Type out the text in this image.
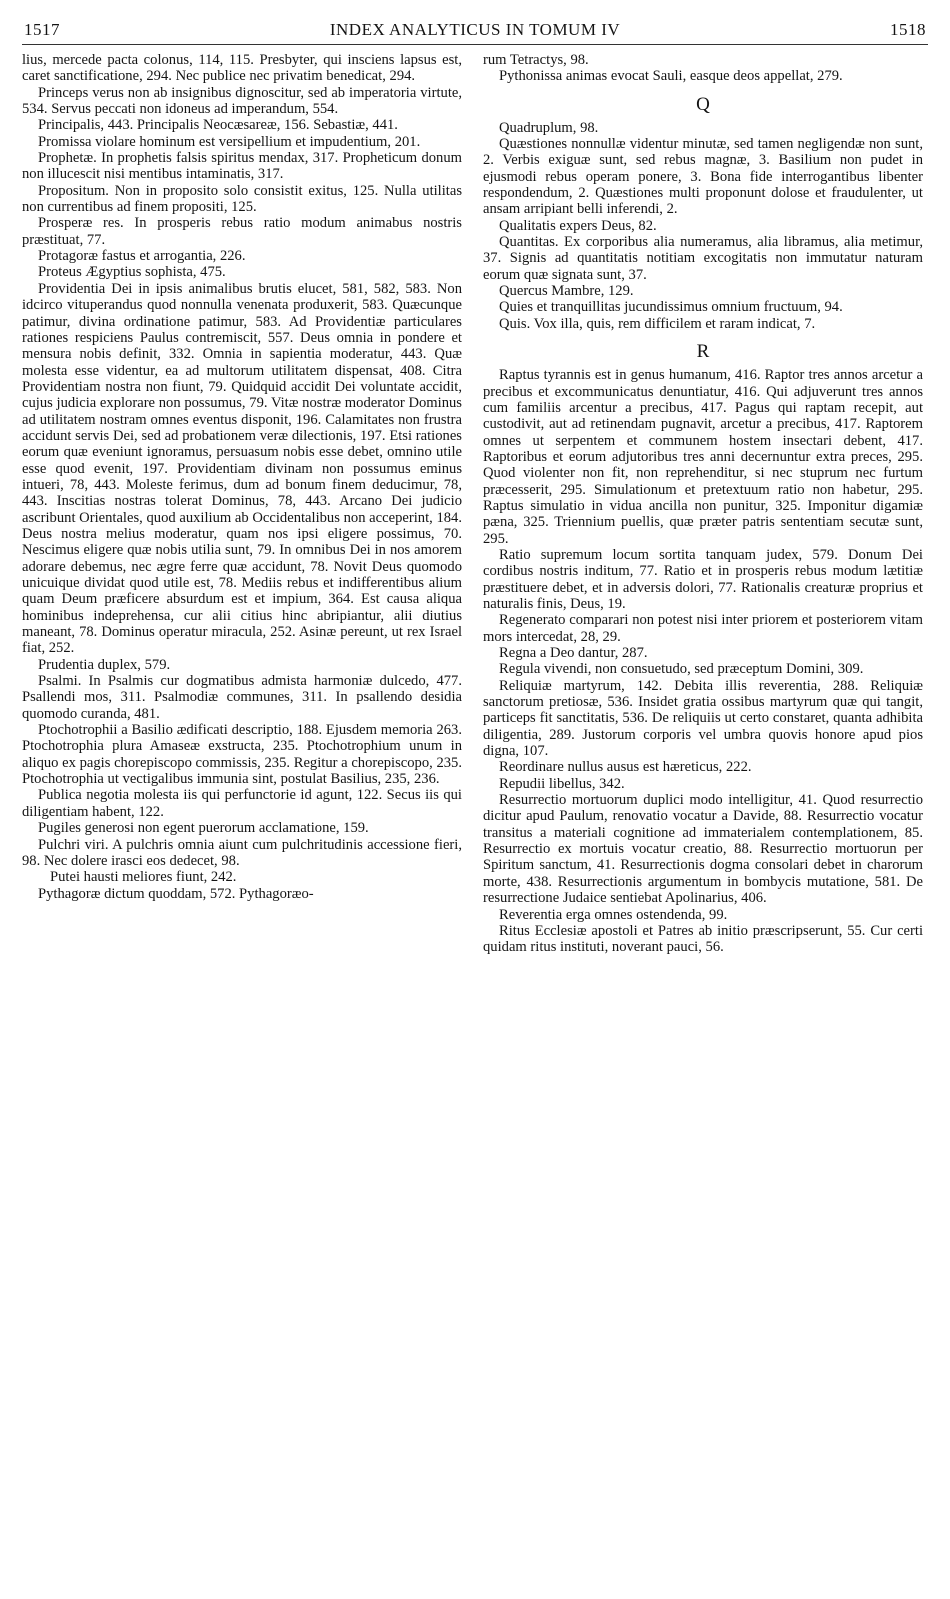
1517	INDEX ANALYTICUS IN TOMUM IV	1518

lius, mercede pacta colonus, 114, 115. Presbyter, qui insciens lapsus est, caret sanctificatione, 294. Nec publice nec privatim benedicat, 294.

Princeps verus non ab insignibus dignoscitur, sed ab imperatoria virtute, 534. Servus peccati non idoneus ad imperandum, 554.

Principalis, 443. Principalis Neocæsareæ, 156. Sebastiæ, 441.

Promissa violare hominum est versipellium et impudentium, 201.

Prophetæ. In prophetis falsis spiritus mendax, 317. Propheticum donum non illucescit nisi mentibus intaminatis, 317.

Propositum. Non in proposito solo consistit exitus, 125. Nulla utilitas non currentibus ad finem propositi, 125.

Prosperæ res. In prosperis rebus ratio modum animabus nostris præstituat, 77.

Protagoræ fastus et arrogantia, 226.

Proteus Ægyptius sophista, 475.

Providentia Dei in ipsis animalibus brutis elucet, 581, 582, 583. Non idcirco vituperandus quod nonnulla venenata produxerit, 583. Quæcunque patimur, divina ordinatione patimur, 583. Ad Providentiæ particulares rationes respiciens Paulus contremiscit, 557. Deus omnia in pondere et mensura nobis definit, 332. Omnia in sapientia moderatur, 443. Quæ molesta esse videntur, ea ad multorum utilitatem dispensat, 408. Citra Providentiam nostra non fiunt, 79. Quidquid accidit Dei voluntate accidit, cujus judicia explorare non possumus, 79. Vitæ nostræ moderator Dominus ad utilitatem nostram omnes eventus disponit, 196. Calamitates non frustra accidunt servis Dei, sed ad probationem veræ dilectionis, 197. Etsi rationes eorum quæ eveniunt ignoramus, persuasum nobis esse debet, omnino utile esse quod evenit, 197. Providentiam divinam non possumus eminus intueri, 78, 443. Moleste ferimus, dum ad bonum finem deducimur, 78, 443. Inscitias nostras tolerat Dominus, 78, 443. Arcano Dei judicio ascribunt Orientales, quod auxilium ab Occidentalibus non acceperint, 184. Deus nostra melius moderatur, quam nos ipsi eligere possimus, 70. Nescimus eligere quæ nobis utilia sunt, 79. In omnibus Dei in nos amorem adorare debemus, nec ægre ferre quæ accidunt, 78. Novit Deus quomodo unicuique dividat quod utile est, 78. Mediis rebus et indifferentibus alium quam Deum præficere absurdum est et impium, 364. Est causa aliqua hominibus indeprehensa, cur alii citius hinc abripiantur, alii diutius maneant, 78. Dominus operatur miracula, 252. Asinæ pereunt, ut rex Israel fiat, 252.

Prudentia duplex, 579.

Psalmi. In Psalmis cur dogmatibus admista harmoniæ dulcedo, 477. Psallendi mos, 311. Psalmodiæ communes, 311. In psallendo desidia quomodo curanda, 481.

Ptochotrophii a Basilio ædificati descriptio, 188. Ejusdem memoria 263. Ptochotrophia plura Amaseæ exstructa, 235. Ptochotrophium unum in aliquo ex pagis chorepiscopo commissis, 235. Regitur a chorepiscopo, 235. Ptochotrophia ut vectigalibus immunia sint, postulat Basilius, 235, 236.

Publica negotia molesta iis qui perfunctorie id agunt, 122. Secus iis qui diligentiam habent, 122.

Pugiles generosi non egent puerorum acclamatione, 159.

Pulchri viri. A pulchris omnia aiunt cum pulchritudinis accessione fieri, 98. Nec dolere irasci eos dedecet, 98.

Putei hausti meliores fiunt, 242.

Pythagoræ dictum quoddam, 572. Pythagoræo-

rum Tetractys, 98.

Pythonissa animas evocat Sauli, easque deos appellat, 279.

Q

Quadruplum, 98.

Quæstiones nonnullæ videntur minutæ, sed tamen negligendæ non sunt, 2. Verbis exiguæ sunt, sed rebus magnæ, 3. Basilium non pudet in ejusmodi rebus operam ponere, 3. Bona fide interrogantibus libenter respondendum, 2. Quæstiones multi proponunt dolose et fraudulenter, ut ansam arripiant belli inferendi, 2.

Qualitatis expers Deus, 82.

Quantitas. Ex corporibus alia numeramus, alia libramus, alia metimur, 37. Signis ad quantitatis notitiam excogitatis non immutatur naturam eorum quæ signata sunt, 37.

Quercus Mambre, 129.

Quies et tranquillitas jucundissimus omnium fructuum, 94.

Quis. Vox illa, quis, rem difficilem et raram indicat, 7.

R

Raptus tyrannis est in genus humanum, 416. Raptor tres annos arcetur a precibus et excommunicatus denuntiatur, 416. Qui adjuverunt tres annos cum familiis arcentur a precibus, 417. Pagus qui raptam recepit, aut custodivit, aut ad retinendam pugnavit, arcetur a precibus, 417. Raptorem omnes ut serpentem et communem hostem insectari debent, 417. Raptoribus et eorum adjutoribus tres anni decernuntur extra preces, 295. Quod violenter non fit, non reprehenditur, si nec stuprum nec furtum præcesserit, 295. Simulationum et pretextuum ratio non habetur, 295. Raptus simulatio in vidua ancilla non punitur, 325. Imponitur digamiæ pæna, 325. Triennium puellis, quæ præter patris sententiam secutæ sunt, 295.

Ratio supremum locum sortita tanquam judex, 579. Donum Dei cordibus nostris inditum, 77. Ratio et in prosperis rebus modum lætitiæ præstituere debet, et in adversis dolori, 77. Rationalis creaturæ proprius et naturalis finis, Deus, 19.

Regenerato comparari non potest nisi inter priorem et posteriorem vitam mors intercedat, 28, 29.

Regna a Deo dantur, 287.

Regula vivendi, non consuetudo, sed præceptum Domini, 309.

Reliquiæ martyrum, 142. Debita illis reverentia, 288. Reliquiæ sanctorum pretiosæ, 536. Insidet gratia ossibus martyrum quæ qui tangit, particeps fit sanctitatis, 536. De reliquiis ut certo constaret, quanta adhibita diligentia, 289. Justorum corporis vel umbra quovis honore apud pios digna, 107.

Reordinare nullus ausus est hæreticus, 222.

Repudii libellus, 342.

Resurrectio mortuorum duplici modo intelligitur, 41. Quod resurrectio dicitur apud Paulum, renovatio vocatur a Davide, 88. Resurrectio vocatur transitus a materiali cognitione ad immaterialem contemplationem, 85. Resurrectio ex mortuis vocatur creatio, 88. Resurrectio mortuorun per Spiritum sanctum, 41. Resurrectionis dogma consolari debet in charorum morte, 438. Resurrectionis argumentum in bombycis mutatione, 581. De resurrectione Judaice sentiebat Apolinarius, 406.

Reverentia erga omnes ostendenda, 99.

Ritus Ecclesiæ apostoli et Patres ab initio præscripserunt, 55. Cur certi quidam ritus instituti, noverant pauci, 56.
